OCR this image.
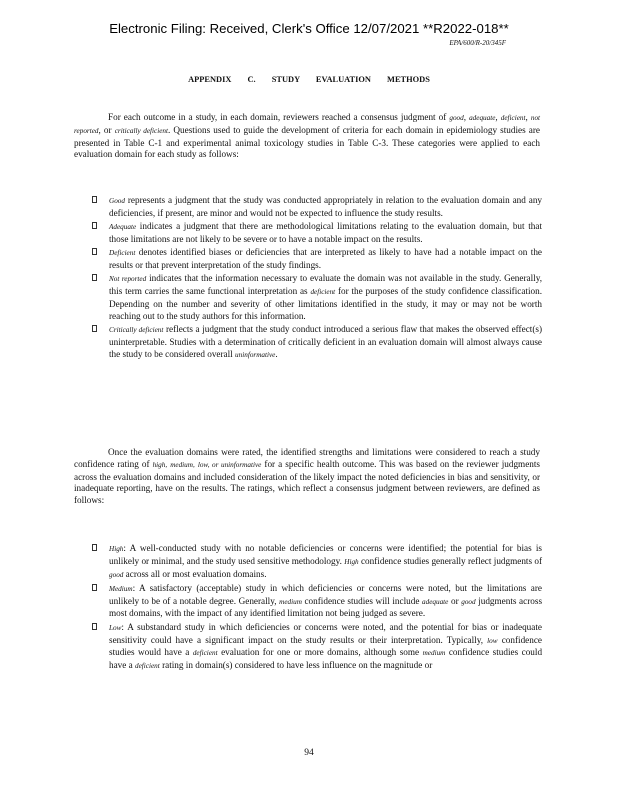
Electronic Filing: Received, Clerk's Office 12/07/2021 **R2022-018**
EPA/600/R-20/345F
APPENDIX C. STUDY EVALUATION METHODS

For each outcome in a study, in each domain, reviewers reached a consensus judgment of good, adequate, deficient, not reported, or critically deficient. Questions used to guide the development of criteria for each domain in epidemiology studies are presented in Table C-1 and experimental animal toxicology studies in Table C-3. These categories were applied to each evaluation domain for each study as follows:

Good represents a judgment that the study was conducted appropriately in relation to the evaluation domain and any deficiencies, if present, are minor and would not be expected to influence the study results.
Adequate indicates a judgment that there are methodological limitations relating to the evaluation domain, but that those limitations are not likely to be severe or to have a notable impact on the results.
Deficient denotes identified biases or deficiencies that are interpreted as likely to have had a notable impact on the results or that prevent interpretation of the study findings.
Not reported indicates that the information necessary to evaluate the domain was not available in the study. Generally, this term carries the same functional interpretation as deficient for the purposes of the study confidence classification. Depending on the number and severity of other limitations identified in the study, it may or may not be worth reaching out to the study authors for this information.
Critically deficient reflects a judgment that the study conduct introduced a serious flaw that makes the observed effect(s) uninterpretable. Studies with a determination of critically deficient in an evaluation domain will almost always cause the study to be considered overall uninformative.

Once the evaluation domains were rated, the identified strengths and limitations were considered to reach a study confidence rating of high, medium, low, or uninformative for a specific health outcome. This was based on the reviewer judgments across the evaluation domains and included consideration of the likely impact the noted deficiencies in bias and sensitivity, or inadequate reporting, have on the results. The ratings, which reflect a consensus judgment between reviewers, are defined as follows:

High: A well-conducted study with no notable deficiencies or concerns were identified; the potential for bias is unlikely or minimal, and the study used sensitive methodology. High confidence studies generally reflect judgments of good across all or most evaluation domains.
Medium: A satisfactory (acceptable) study in which deficiencies or concerns were noted, but the limitations are unlikely to be of a notable degree. Generally, medium confidence studies will include adequate or good judgments across most domains, with the impact of any identified limitation not being judged as severe.
Low: A substandard study in which deficiencies or concerns were noted, and the potential for bias or inadequate sensitivity could have a significant impact on the study results or their interpretation. Typically, low confidence studies would have a deficient evaluation for one or more domains, although some medium confidence studies could have a deficient rating in domain(s) considered to have less influence on the magnitude or
94
